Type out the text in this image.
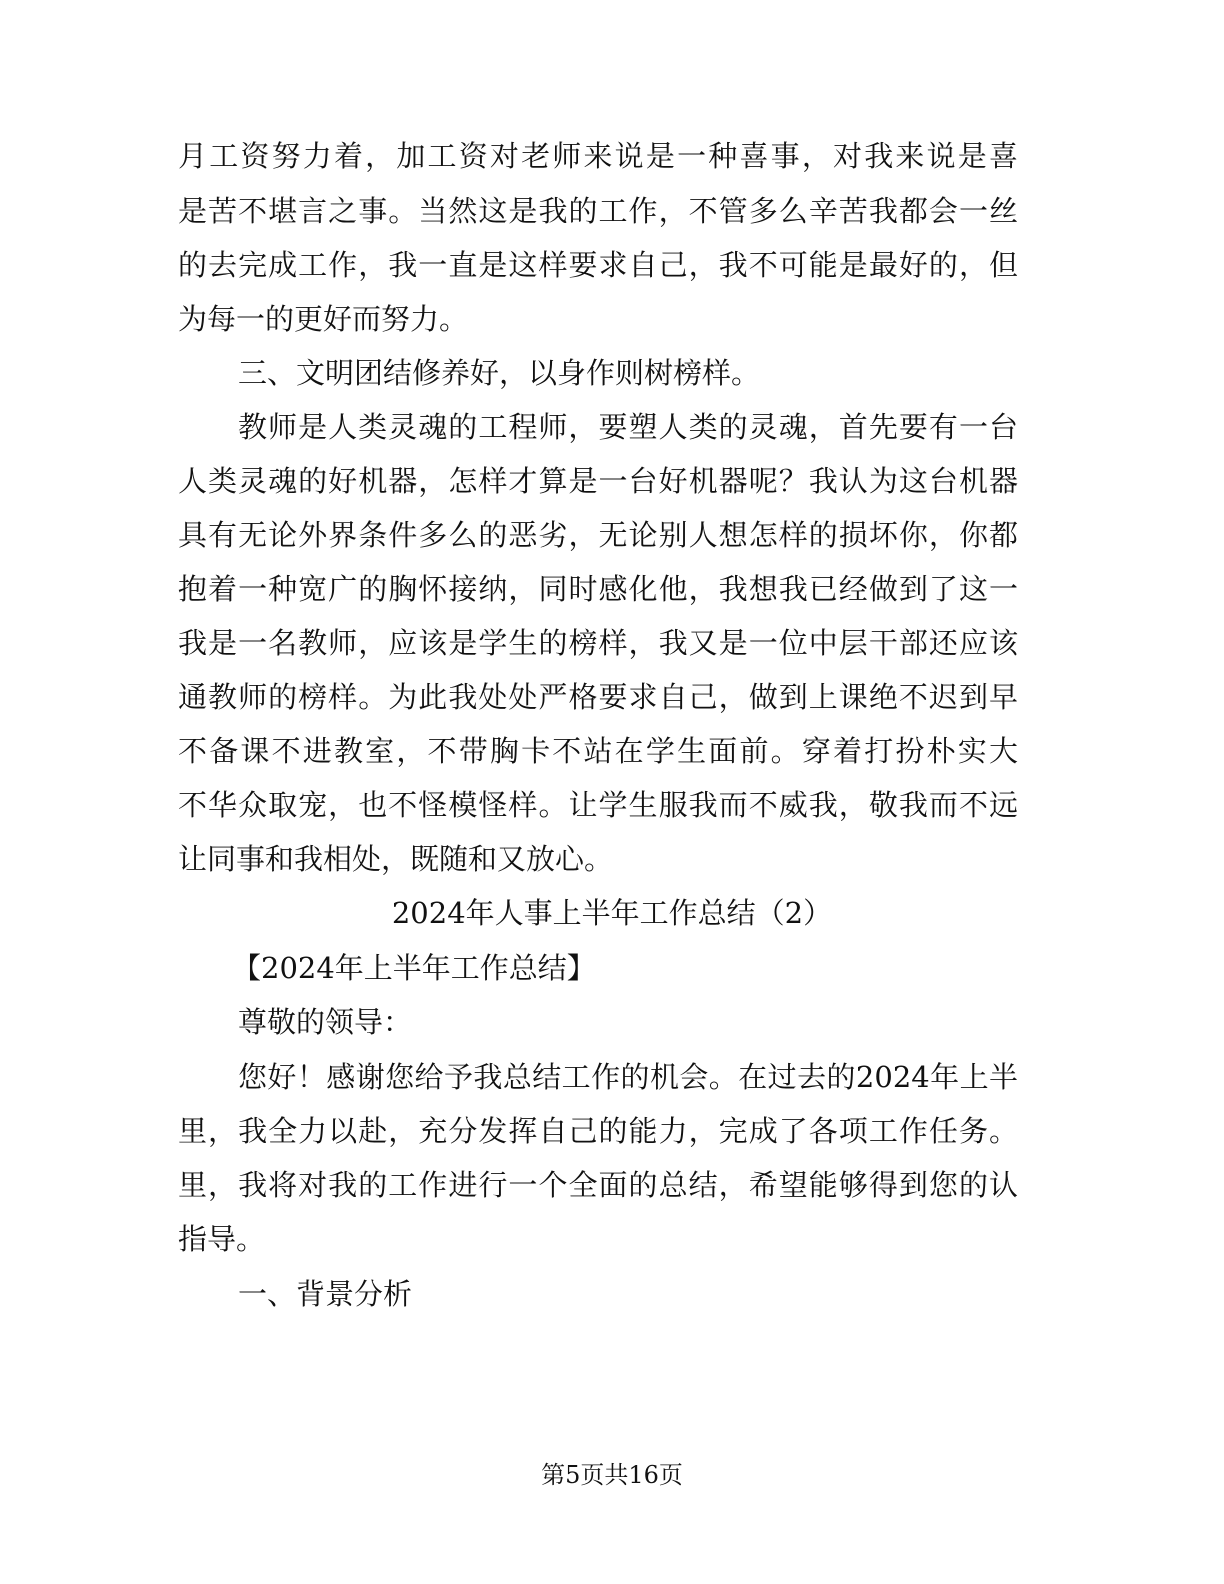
月工资努力着，加工资对老师来说是一种喜事，对我来说是喜
是苦不堪言之事。当然这是我的工作，不管多么辛苦我都会一丝
的去完成工作，我一直是这样要求自己，我不可能是最好的，但
为每一的更好而努力。
三、文明团结修养好，以身作则树榜样。
教师是人类灵魂的工程师，要塑人类的灵魂，首先要有一台
人类灵魂的好机器，怎样才算是一台好机器呢？我认为这台机器
具有无论外界条件多么的恶劣，无论别人想怎样的损坏你，你都
抱着一种宽广的胸怀接纳，同时感化他，我想我已经做到了这一
我是一名教师，应该是学生的榜样，我又是一位中层干部还应该
通教师的榜样。为此我处处严格要求自己，做到上课绝不迟到早
不备课不进教室，不带胸卡不站在学生面前。穿着打扮朴实大
不华众取宠，也不怪模怪样。让学生服我而不威我，敬我而不远
让同事和我相处，既随和又放心。
2024年人事上半年工作总结（2）
【2024年上半年工作总结】
尊敬的领导：
您好！感谢您给予我总结工作的机会。在过去的2024年上半
里，我全力以赴，充分发挥自己的能力，完成了各项工作任务。
里，我将对我的工作进行一个全面的总结，希望能够得到您的认
指导。
一、背景分析
第5页共16页
